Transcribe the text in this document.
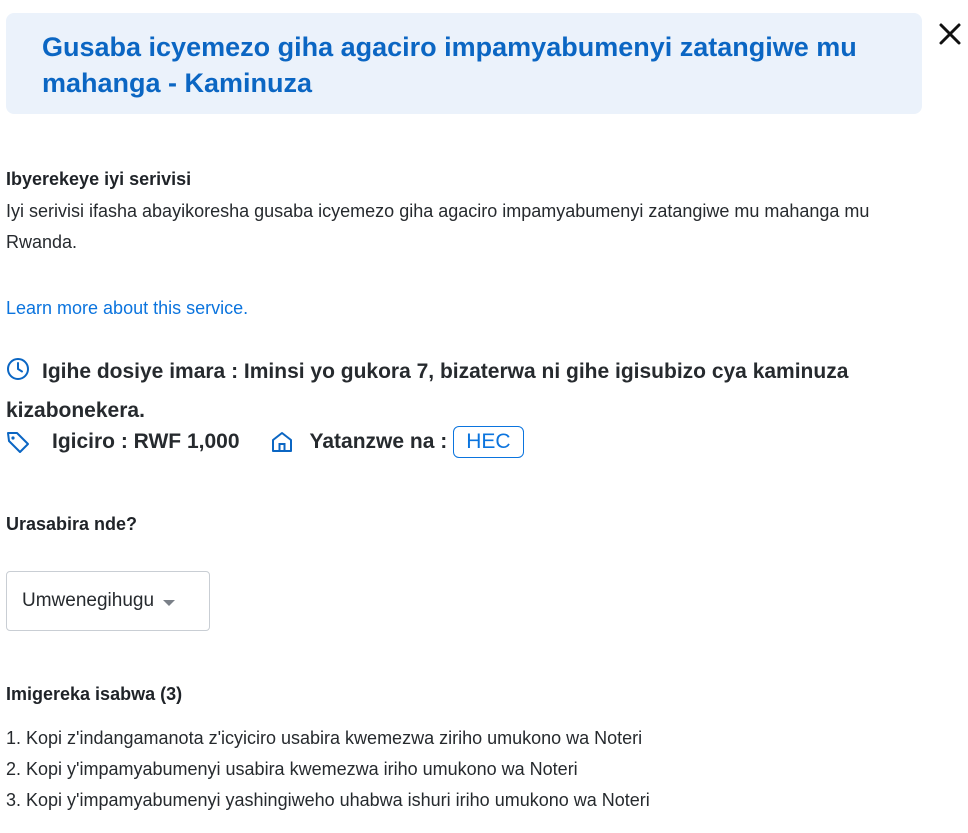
Gusaba icyemezo giha agaciro impamyabumenyi zatangiwe mu mahanga - Kaminuza
Ibyerekeye iyi serivisi
Iyi serivisi ifasha abayikoresha gusaba icyemezo giha agaciro impamyabumenyi zatangiwe mu mahanga mu Rwanda.
Learn more about this service.
Igihe dosiye imara : Iminsi yo gukora 7, bizaterwa ni gihe igisubizo cya kaminuza kizabonekera.
Igiciro : RWF 1,000	Yatanzwe na : HEC
Urasabira nde?
Umwenegihugu
Imigereka isabwa (3)
1. Kopi z'indangamanota z'icyiciro usabira kwemezwa ziriho umukono wa Noteri
2. Kopi y'impamyabumenyi usabira kwemezwa iriho umukono wa Noteri
3. Kopi y'impamyabumenyi yashingiweho uhabwa ishuri iriho umukono wa Noteri
